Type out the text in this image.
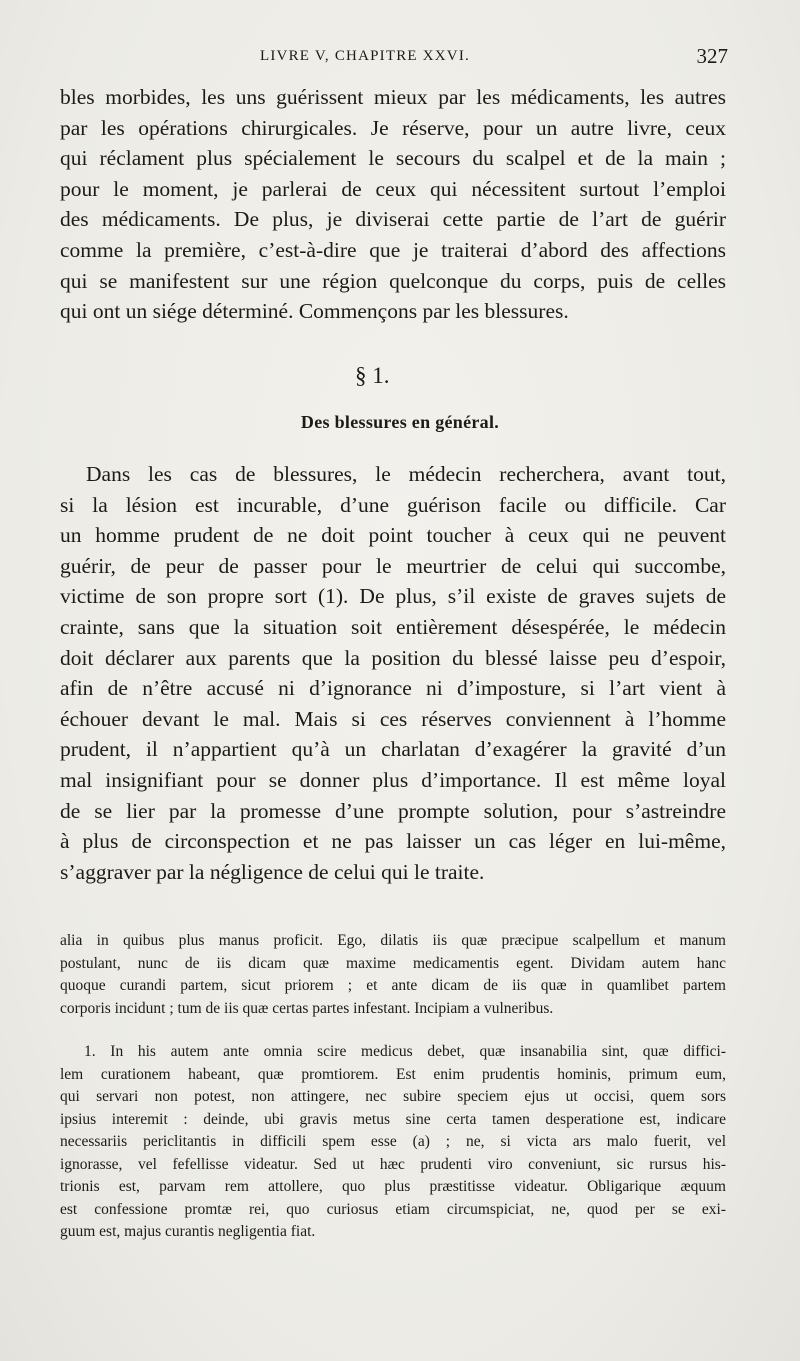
LIVRE V, CHAPITRE XXVI.	327
bles morbides, les uns guérissent mieux par les médicaments, les autres
par les opérations chirurgicales. Je réserve, pour un autre livre, ceux
qui réclament plus spécialement le secours du scalpel et de la main ;
pour le moment, je parlerai de ceux qui nécessitent surtout l’emploi
des médicaments. De plus, je diviserai cette partie de l’art de guérir
comme la première, c’est-à-dire que je traiterai d’abord des affections
qui se manifestent sur une région quelconque du corps, puis de celles
qui ont un siége déterminé. Commençons par les blessures.
§ 1.
Des blessures en général.
Dans les cas de blessures, le médecin recherchera, avant tout,
si la lésion est incurable, d’une guérison facile ou difficile. Car
un homme prudent de ne doit point toucher à ceux qui ne peuvent
guérir, de peur de passer pour le meurtrier de celui qui succombe,
victime de son propre sort (1). De plus, s’il existe de graves sujets de
crainte, sans que la situation soit entièrement désespérée, le médecin
doit déclarer aux parents que la position du blessé laisse peu d’espoir,
afin de n’être accusé ni d’ignorance ni d’imposture, si l’art vient à
échouer devant le mal. Mais si ces réserves conviennent à l’homme
prudent, il n’appartient qu’à un charlatan d’exagérer la gravité d’un
mal insignifiant pour se donner plus d’importance. Il est même loyal
de se lier par la promesse d’une prompte solution, pour s’astreindre
à plus de circonspection et ne pas laisser un cas léger en lui-même,
s’aggraver par la négligence de celui qui le traite.
alia in quibus plus manus proficit. Ego, dilatis iis quæ præcipue scalpellum et manum
postulant, nunc de iis dicam quæ maxime medicamentis egent. Dividam autem hanc
quoque curandi partem, sicut priorem ; et ante dicam de iis quæ in quamlibet partem
corporis incidunt ; tum de iis quæ certas partes infestant. Incipiam a vulneribus.
1. In his autem ante omnia scire medicus debet, quæ insanabilia sint, quæ diffici-
lem curationem habeant, quæ promtiorem. Est enim prudentis hominis, primum eum,
qui servari non potest, non attingere, nec subire speciem ejus ut occisi, quem sors
ipsius interemit : deinde, ubi gravis metus sine certa tamen desperatione est, indicare
necessariis periclitantis in difficili spem esse (a) ; ne, si victa ars malo fuerit, vel
ignorasse, vel fefellisse videatur. Sed ut hæc prudenti viro conveniunt, sic rursus his-
trionis est, parvam rem attollere, quo plus præstitisse videatur. Obligarique æquum
est confessione promtæ rei, quo curiosus etiam circumspiciat, ne, quod per se exi-
guum est, majus curantis negligentia fiat.
